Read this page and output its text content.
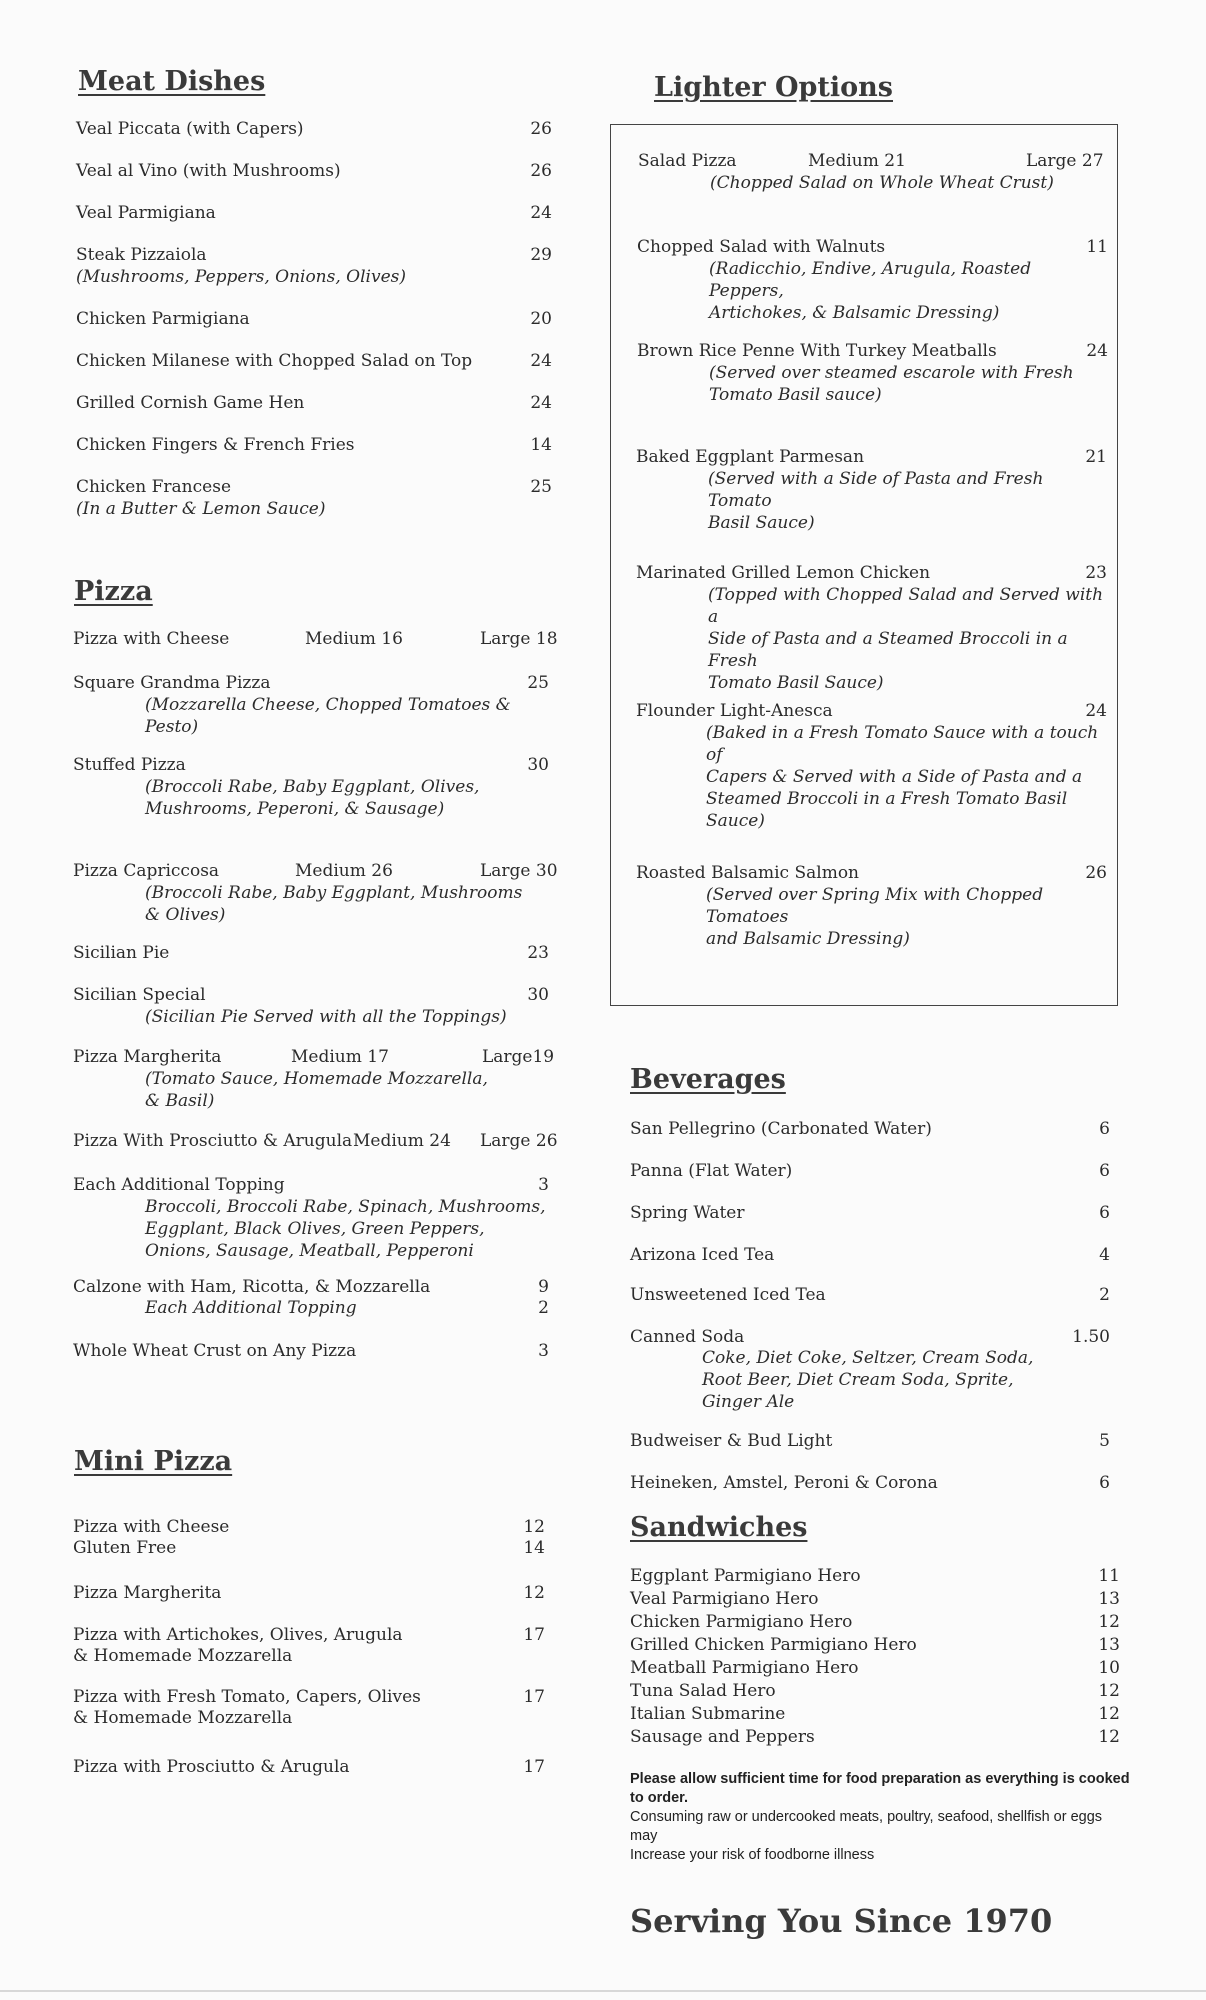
Meat Dishes
Veal Piccata (with Capers)	26
Veal al Vino (with Mushrooms)	26
Veal Parmigiana	24
Steak Pizzaiola	29
(Mushrooms, Peppers, Onions, Olives)
Chicken Parmigiana	20
Chicken Milanese with Chopped Salad on Top	24
Grilled Cornish Game Hen	24
Chicken Fingers & French Fries	14
Chicken Francese	25
(In a Butter & Lemon Sauce)
Pizza
Pizza with Cheese	Medium 16	Large 18
Square Grandma Pizza	25
(Mozzarella Cheese, Chopped Tomatoes &
Pesto)
Stuffed Pizza	30
(Broccoli Rabe, Baby Eggplant, Olives,
Mushrooms, Peperoni, & Sausage)
Pizza Capriccosa	Medium 26	Large 30
(Broccoli Rabe, Baby Eggplant, Mushrooms
& Olives)
Sicilian Pie	23
Sicilian Special	30
(Sicilian Pie Served with all the Toppings)
Pizza Margherita	Medium 17	Large19
(Tomato Sauce, Homemade Mozzarella,
& Basil)
Pizza With Prosciutto & Arugula Medium 24 Large 26
Each Additional Topping	3
Broccoli, Broccoli Rabe, Spinach, Mushrooms,
Eggplant, Black Olives, Green Peppers,
Onions, Sausage, Meatball, Pepperoni
Calzone with Ham, Ricotta, & Mozzarella	9
Each Additional Topping	2
Whole Wheat Crust on Any Pizza	3
Mini Pizza
Pizza with Cheese	12
Gluten Free	14
Pizza Margherita	12
Pizza with Artichokes, Olives, Arugula	17
& Homemade Mozzarella
Pizza with Fresh Tomato, Capers, Olives	17
& Homemade Mozzarella
Pizza with Prosciutto & Arugula	17
Lighter Options
Salad Pizza	Medium 21	Large 27
(Chopped Salad on Whole Wheat Crust)
Chopped Salad with Walnuts	11
(Radicchio, Endive, Arugula, Roasted Peppers,
Artichokes, & Balsamic Dressing)
Brown Rice Penne With Turkey Meatballs	24
(Served over steamed escarole with Fresh
Tomato Basil sauce)
Baked Eggplant Parmesan	21
(Served with a Side of Pasta and Fresh Tomato
Basil Sauce)
Marinated Grilled Lemon Chicken	23
(Topped with Chopped Salad and Served with a
Side of Pasta and a Steamed Broccoli in a Fresh
Tomato Basil Sauce)
Flounder Light-Anesca	24
(Baked in a Fresh Tomato Sauce with a touch of
Capers & Served with a Side of Pasta and a
Steamed Broccoli in a Fresh Tomato Basil
Sauce)
Roasted Balsamic Salmon	26
(Served over Spring Mix with Chopped Tomatoes
and Balsamic Dressing)
Beverages
San Pellegrino (Carbonated Water)	6
Panna (Flat Water)	6
Spring Water	6
Arizona Iced Tea	4
Unsweetened Iced Tea	2
Canned Soda	1.50
Coke, Diet Coke, Seltzer, Cream Soda,
Root Beer, Diet Cream Soda, Sprite,
Ginger Ale
Budweiser & Bud Light	5
Heineken, Amstel, Peroni & Corona	6
Sandwiches
Eggplant Parmigiano Hero	11
Veal Parmigiano Hero	13
Chicken Parmigiano Hero	12
Grilled Chicken Parmigiano Hero	13
Meatball Parmigiano Hero	10
Tuna Salad Hero	12
Italian Submarine	12
Sausage and Peppers	12
Please allow sufficient time for food preparation as everything is cooked to order.
Consuming raw or undercooked meats, poultry, seafood, shellfish or eggs may
Increase your risk of foodborne illness
Serving You Since 1970
